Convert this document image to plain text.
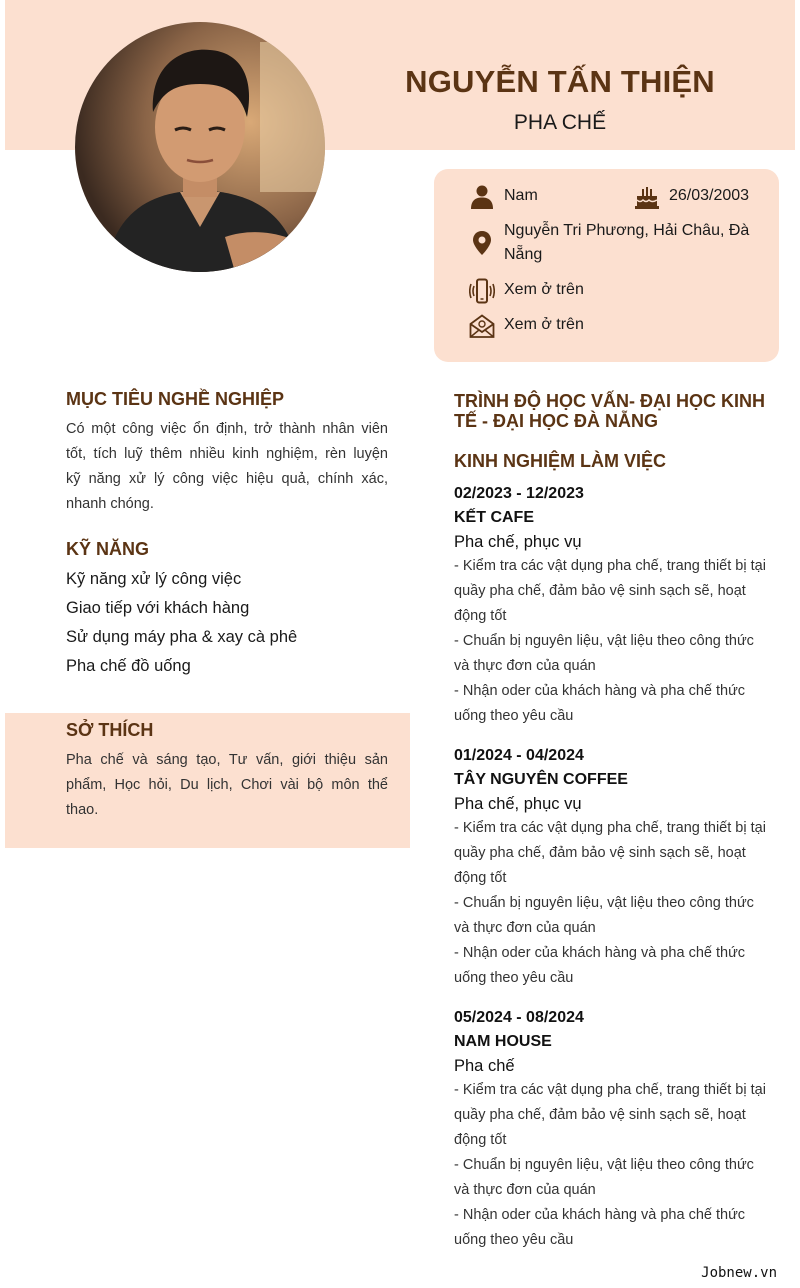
NGUYỄN TẤN THIỆN
PHA CHẾ
Nam	26/03/2003
Nguyễn Tri Phương, Hải Châu, Đà
Nẵng
Xem ở trên
Xem ở trên
MỤC TIÊU NGHỀ NGHIỆP
Có một công việc ổn định, trở thành nhân viên
tốt, tích luỹ thêm nhiều kinh nghiệm, rèn luyện
kỹ năng xử lý công việc hiệu quả, chính xác,
nhanh chóng.
KỸ NĂNG
Kỹ năng xử lý công việc
Giao tiếp với khách hàng
Sử dụng máy pha & xay cà phê
Pha chế đồ uống
SỞ THÍCH
Pha chế và sáng tạo, Tư vấn, giới thiệu sản
phẩm, Học hỏi, Du lịch, Chơi vài bộ môn thể
thao.
TRÌNH ĐỘ HỌC VẤN- ĐẠI HỌC KINH
TẾ - ĐẠI HỌC ĐÀ NẴNG
KINH NGHIỆM LÀM VIỆC
02/2023 - 12/2023
KẾT CAFE
Pha chế, phục vụ
- Kiểm tra các vật dụng pha chế, trang thiết bị tại
quầy pha chế, đảm bảo vệ sinh sạch sẽ, hoạt
động tốt
- Chuẩn bị nguyên liệu, vật liệu theo công thức
và thực đơn của quán
- Nhận oder của khách hàng và pha chế thức
uống theo yêu cầu
01/2024 - 04/2024
TÂY NGUYÊN COFFEE
Pha chế, phục vụ
- Kiểm tra các vật dụng pha chế, trang thiết bị tại
quầy pha chế, đảm bảo vệ sinh sạch sẽ, hoạt
động tốt
- Chuẩn bị nguyên liệu, vật liệu theo công thức
và thực đơn của quán
- Nhận oder của khách hàng và pha chế thức
uống theo yêu cầu
05/2024 - 08/2024
NAM HOUSE
Pha chế
- Kiểm tra các vật dụng pha chế, trang thiết bị tại
quầy pha chế, đảm bảo vệ sinh sạch sẽ, hoạt
động tốt
- Chuẩn bị nguyên liệu, vật liệu theo công thức
và thực đơn của quán
- Nhận oder của khách hàng và pha chế thức
uống theo yêu cầu
Jobnew.vn
